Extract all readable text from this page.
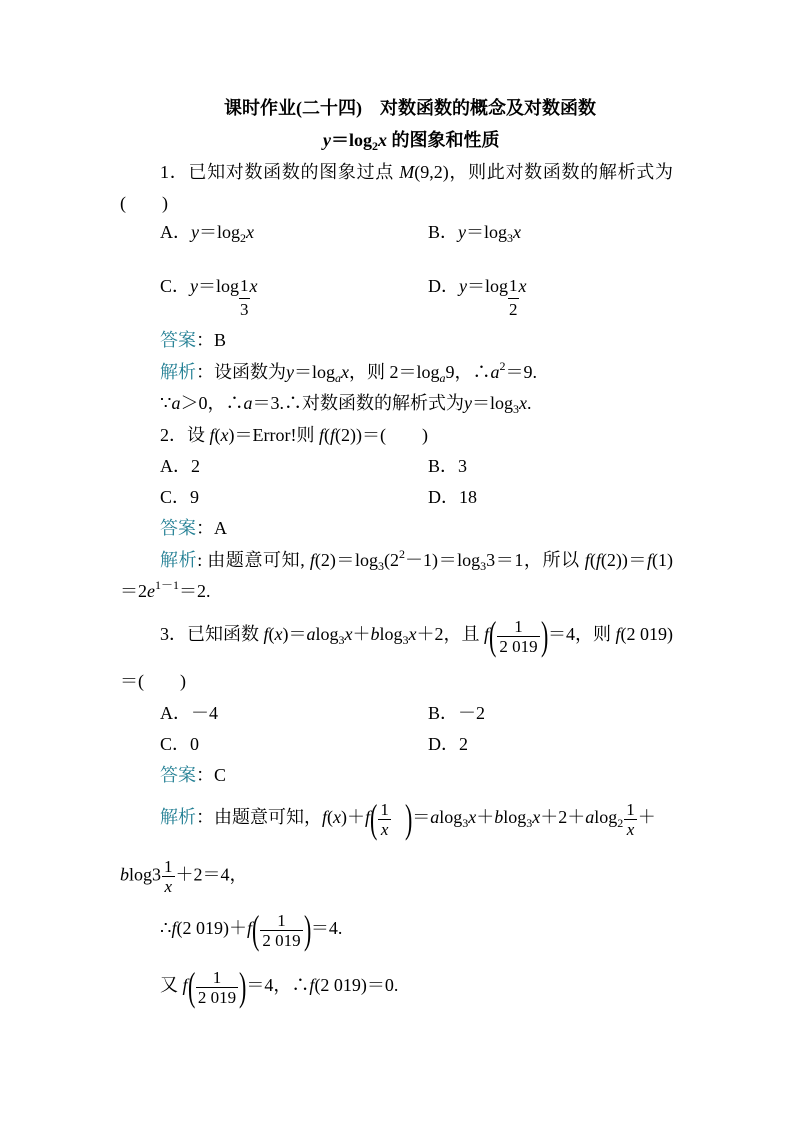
课时作业(二十四)　对数函数的概念及对数函数
$y=\log_2x$ 的图象和性质
1．已知对数函数的图象过点 M(9,2)，则此对数函数的解析式为
(　　)
A．$y=\log_2x$	B．$y=\log_3x$
C．$y=\log \frac{1}{3}$ x	D．$y=\log \frac{1}{2}$ x
答案：B
解析：设函数为$y=\log_ax$，则 $2=\log_a9$，$\therefore a^2=9$.
∵a＞0，∴a＝3.∴对数函数的解析式为$y=\log_3x$.
2．设 f(x)＝Error!则 f(f(2))＝(　　)
A．2	B．3
C．9	D．18
答案：A
解析: 由题意可知, $f(2)=\log_3(2^2-1)=\log_33=1$，所以 f(f(2))＝f(1)
$=2e^{1-1}=2$.
3．已知函数 f(x)＝alog$_3$x＋blog$_3$x＋2，且 $f( \frac{1}{2 019} )=4$，则 f(2 019)
＝(　　)
A．－4	B．－2
C．0	D．2
答案：C
解析：由题意可知，$f(x)+f( \frac{1}{x} )=alog_3x+blog_3x+2+alog_2 \frac{1}{x}$ ＋
$blog3 \frac{1}{x} +2=4$，
∴f(2 $019)+f( \frac{1}{2 019} )=4$.
又 $f( \frac{1}{2 019} )=4$，∴f(2 019)＝0.
